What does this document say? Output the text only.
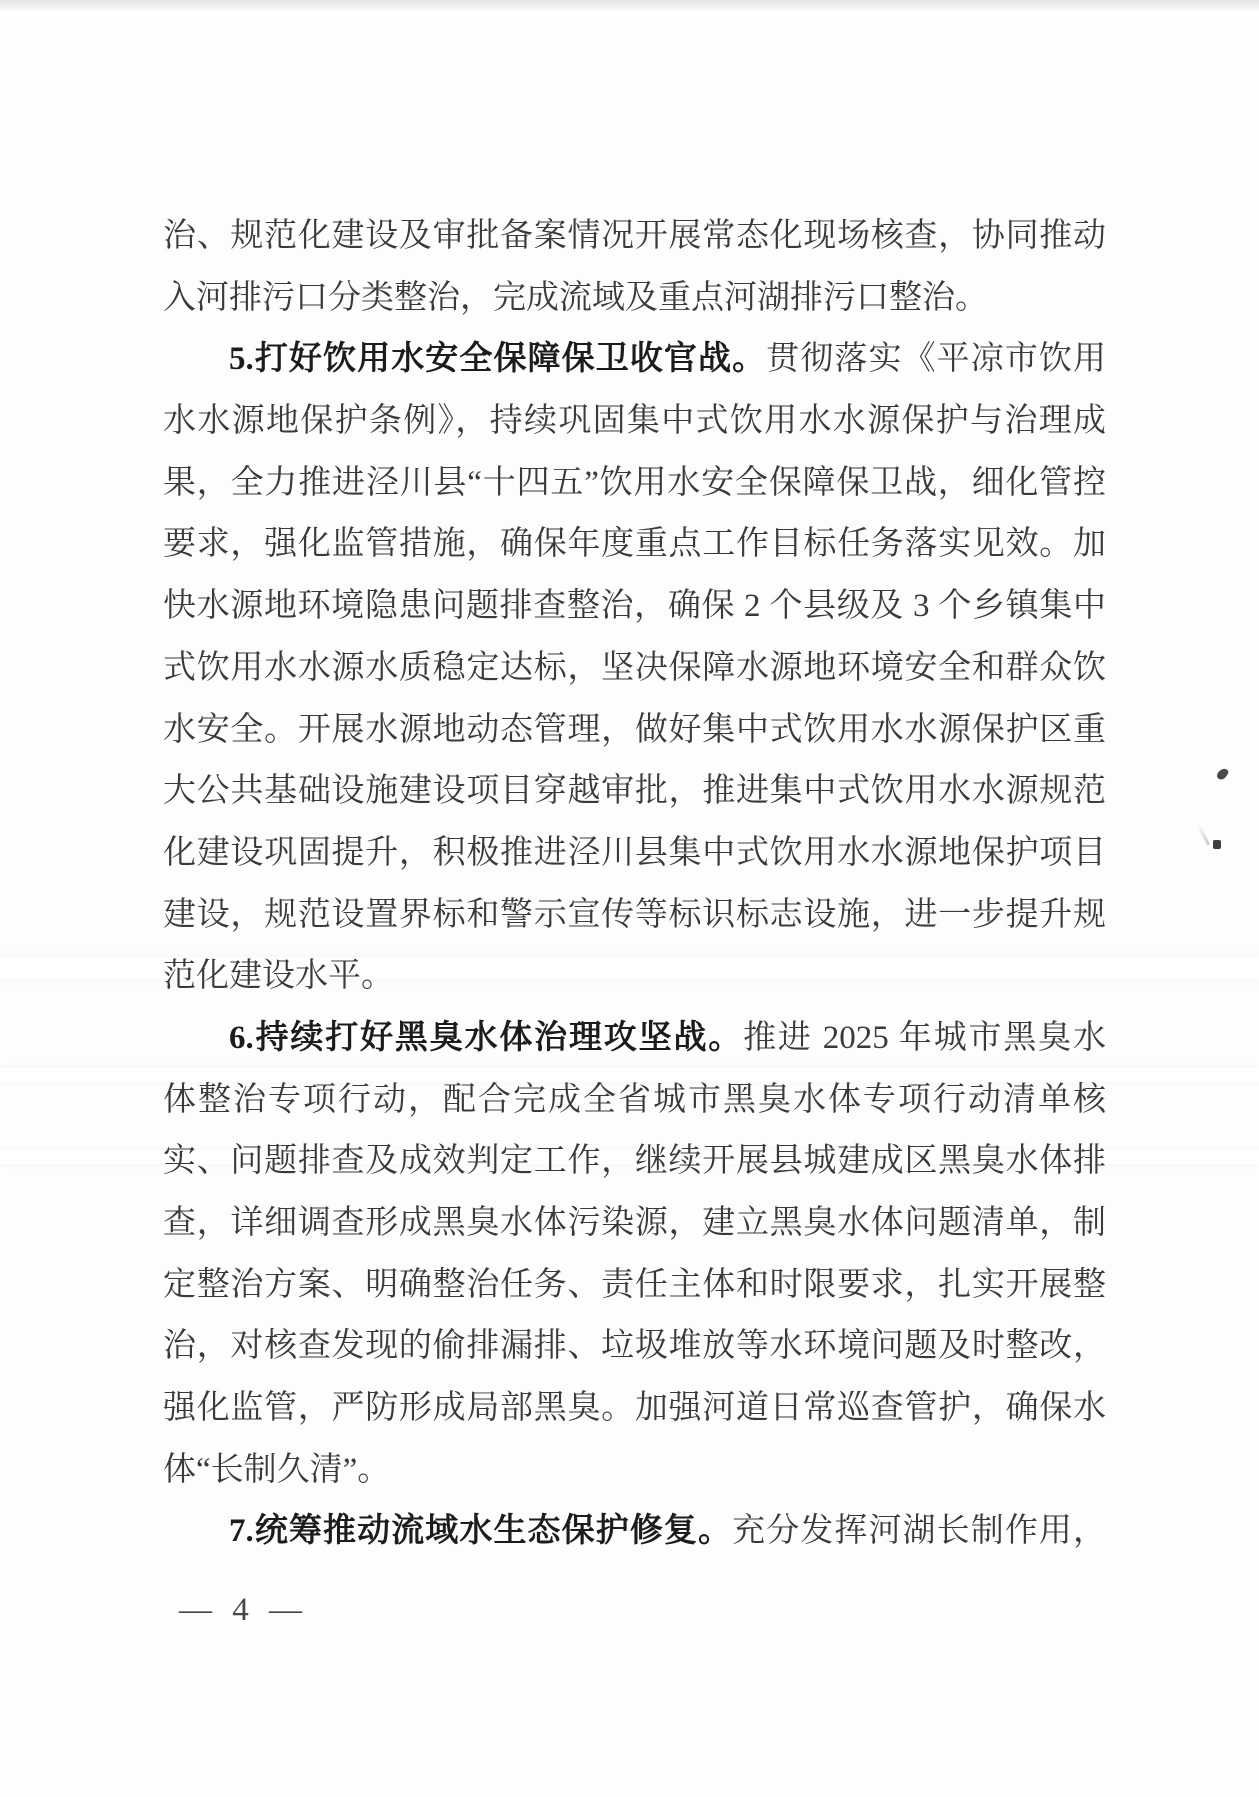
治、规范化建设及审批备案情况开展常态化现场核查，协同推动
入河排污口分类整治，完成流域及重点河湖排污口整治。
5.打好饮用水安全保障保卫收官战。贯彻落实《平凉市饮用
水水源地保护条例》，持续巩固集中式饮用水水源保护与治理成
果，全力推进泾川县“十四五”饮用水安全保障保卫战，细化管控
要求，强化监管措施，确保年度重点工作目标任务落实见效。加
快水源地环境隐患问题排查整治，确保 2 个县级及 3 个乡镇集中
式饮用水水源水质稳定达标，坚决保障水源地环境安全和群众饮
水安全。开展水源地动态管理，做好集中式饮用水水源保护区重
大公共基础设施建设项目穿越审批，推进集中式饮用水水源规范
化建设巩固提升，积极推进泾川县集中式饮用水水源地保护项目
建设，规范设置界标和警示宣传等标识标志设施，进一步提升规
范化建设水平。
6.持续打好黑臭水体治理攻坚战。推进 2025 年城市黑臭水
体整治专项行动，配合完成全省城市黑臭水体专项行动清单核
实、问题排查及成效判定工作，继续开展县城建成区黑臭水体排
查，详细调查形成黑臭水体污染源，建立黑臭水体问题清单，制
定整治方案、明确整治任务、责任主体和时限要求，扎实开展整
治，对核查发现的偷排漏排、垃圾堆放等水环境问题及时整改，
强化监管，严防形成局部黑臭。加强河道日常巡查管护，确保水
体“长制久清”。
7.统筹推动流域水生态保护修复。充分发挥河湖长制作用，
— 4 —
